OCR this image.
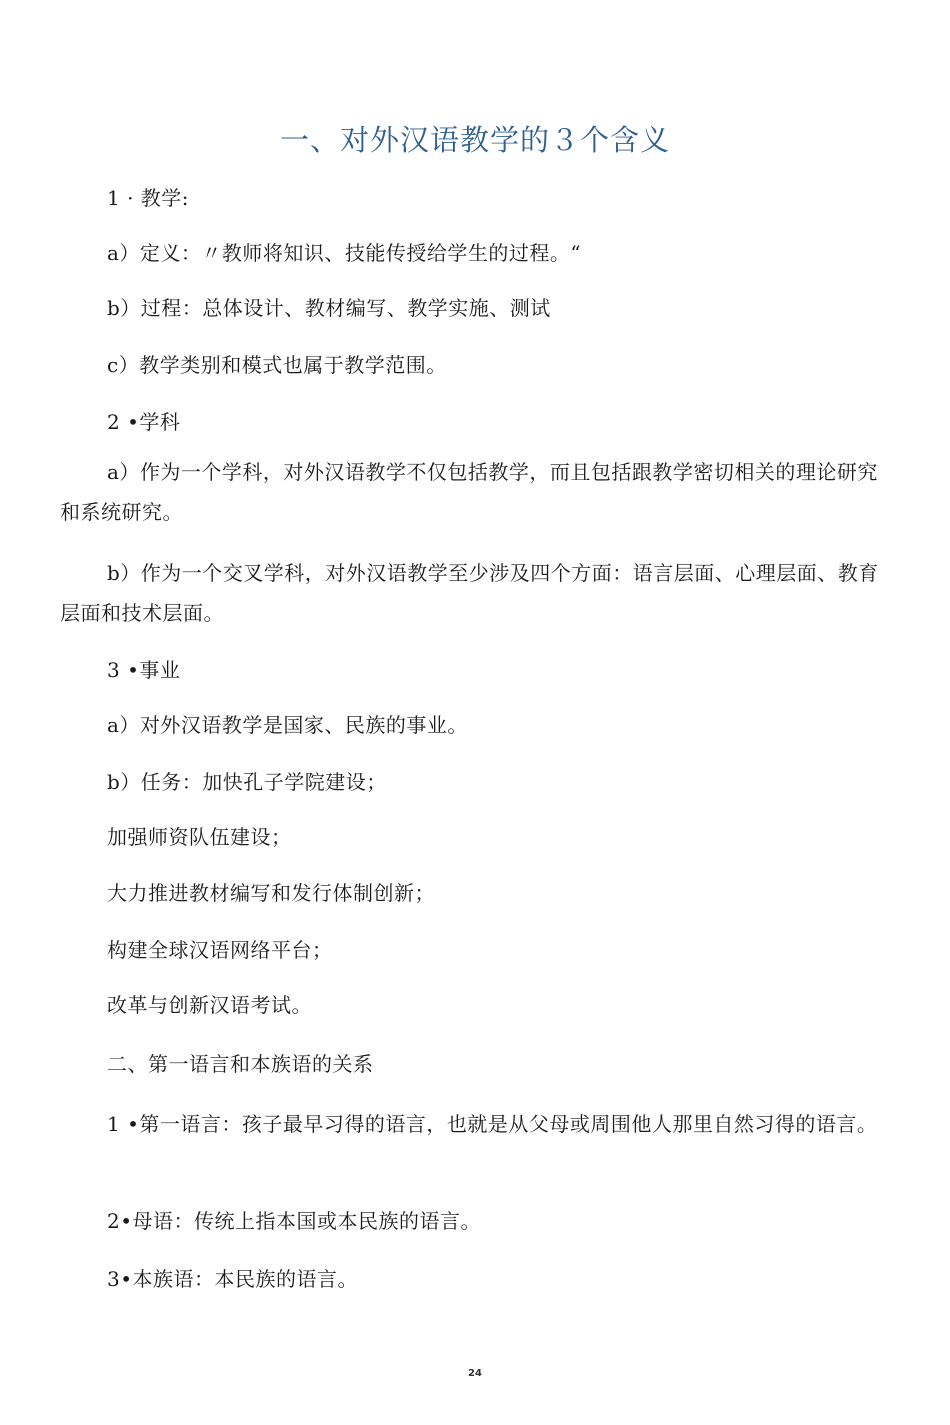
一、对外汉语教学的３个含义

1 · 教学:

a）定义：〃教师将知识、技能传授给学生的过程。“

b）过程：总体设计、教材编写、教学实施、测试

c）教学类别和模式也属于教学范围。

2 •学科

a）作为一个学科，对外汉语教学不仅包括教学，而且包括跟教学密切相关的理论研究和系统研究。

b）作为一个交叉学科，对外汉语教学至少涉及四个方面：语言层面、心理层面、教育层面和技术层面。

3 •事业

a）对外汉语教学是国家、民族的事业。

b）任务：加快孔子学院建设；

加强师资队伍建设；

大力推进教材编写和发行体制创新；

构建全球汉语网络平台；

改革与创新汉语考试。

二、第一语言和本族语的关系

1 •第一语言：孩子最早习得的语言，也就是从父母或周围他人那里自然习得的语言。

2•母语：传统上指本国或本民族的语言。

3•本族语：本民族的语言。

24
